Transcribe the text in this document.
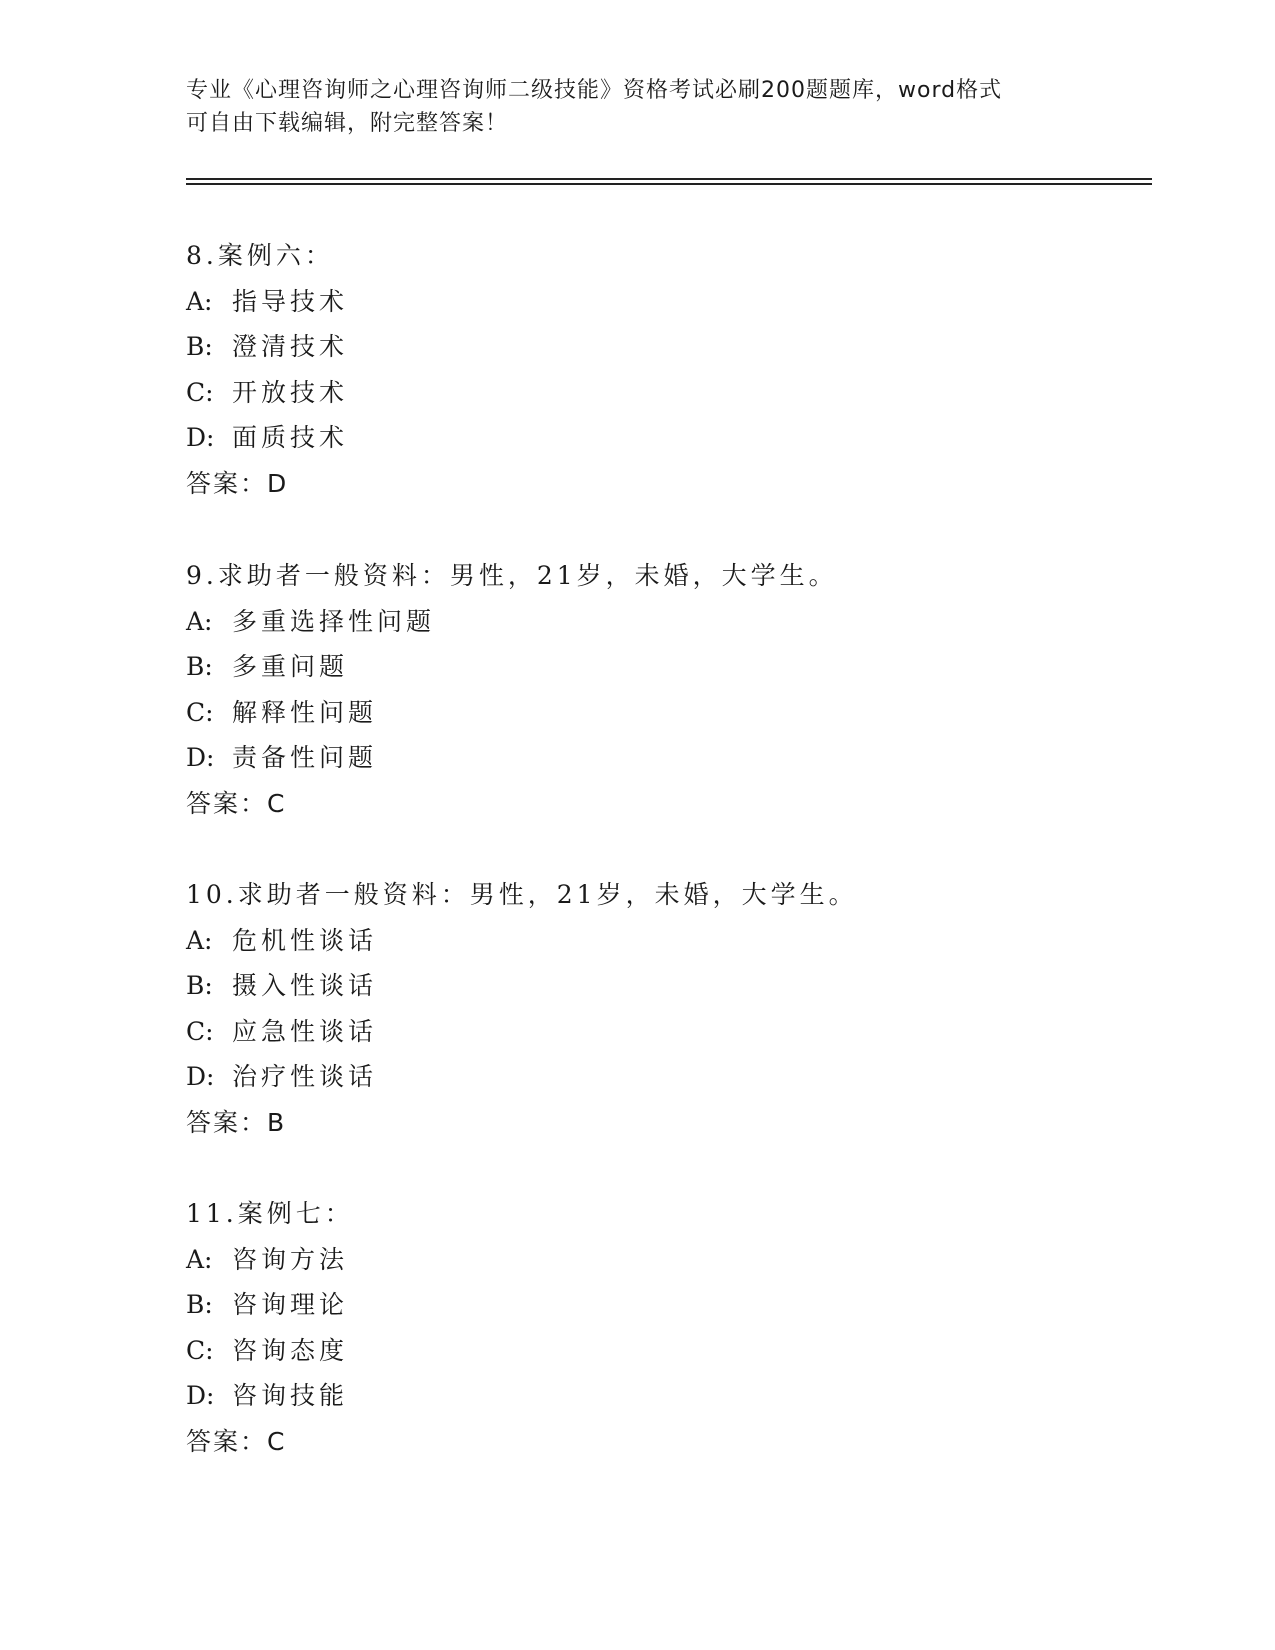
专业《心理咨询师之心理咨询师二级技能》资格考试必刷200题题库，word格式
可自由下载编辑，附完整答案！
8.案例六：
A: 指导技术
B: 澄清技术
C: 开放技术
D: 面质技术
答案：D
9.求助者一般资料：男性，21岁，未婚，大学生。
A: 多重选择性问题
B: 多重问题
C: 解释性问题
D: 责备性问题
答案：C
10.求助者一般资料：男性，21岁，未婚，大学生。
A: 危机性谈话
B: 摄入性谈话
C: 应急性谈话
D: 治疗性谈话
答案：B
11.案例七：
A: 咨询方法
B: 咨询理论
C: 咨询态度
D: 咨询技能
答案：C
